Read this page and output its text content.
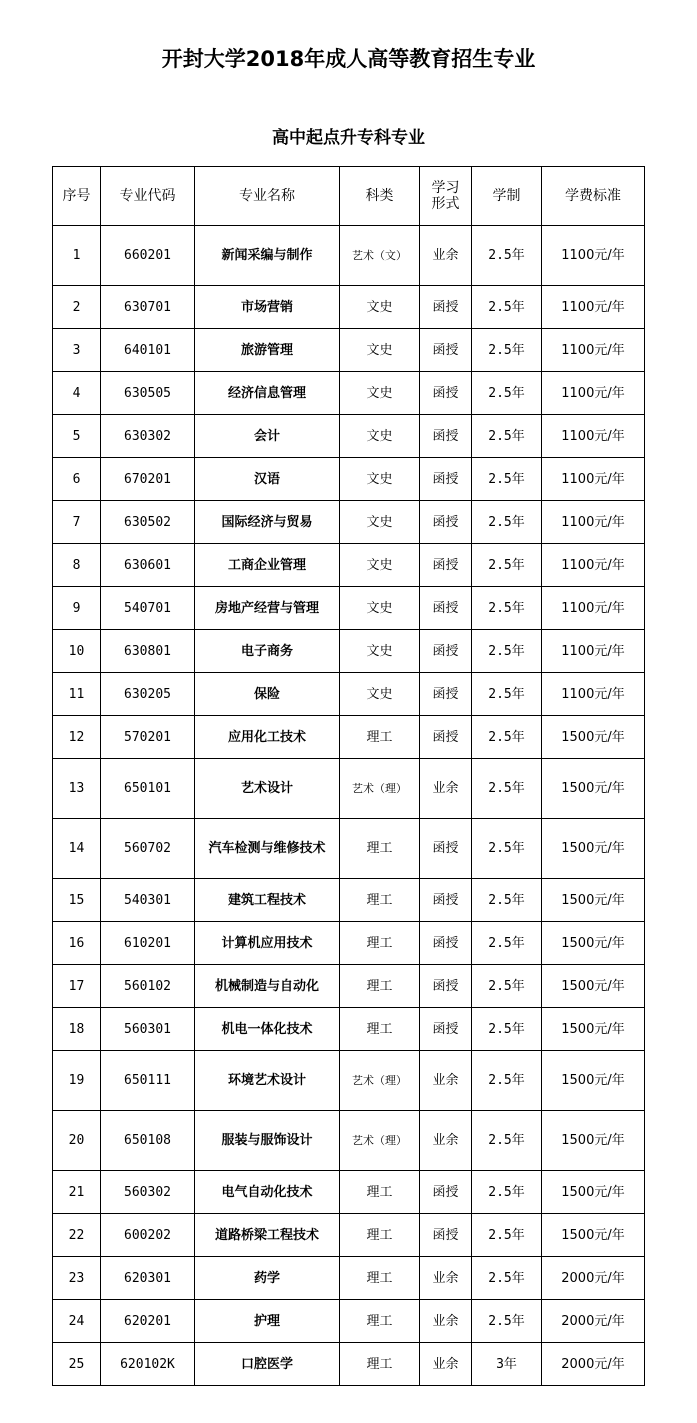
开封大学2018年成人高等教育招生专业
高中起点升专科专业
序号	专业代码	专业名称	科类	学习形式	学制	学费标准
1	660201	新闻采编与制作	艺术（文）	业余	2.5年	1100元/年
2	630701	市场营销	文史	函授	2.5年	1100元/年
3	640101	旅游管理	文史	函授	2.5年	1100元/年
4	630505	经济信息管理	文史	函授	2.5年	1100元/年
5	630302	会计	文史	函授	2.5年	1100元/年
6	670201	汉语	文史	函授	2.5年	1100元/年
7	630502	国际经济与贸易	文史	函授	2.5年	1100元/年
8	630601	工商企业管理	文史	函授	2.5年	1100元/年
9	540701	房地产经营与管理	文史	函授	2.5年	1100元/年
10	630801	电子商务	文史	函授	2.5年	1100元/年
11	630205	保险	文史	函授	2.5年	1100元/年
12	570201	应用化工技术	理工	函授	2.5年	1500元/年
13	650101	艺术设计	艺术（理）	业余	2.5年	1500元/年
14	560702	汽车检测与维修技术	理工	函授	2.5年	1500元/年
15	540301	建筑工程技术	理工	函授	2.5年	1500元/年
16	610201	计算机应用技术	理工	函授	2.5年	1500元/年
17	560102	机械制造与自动化	理工	函授	2.5年	1500元/年
18	560301	机电一体化技术	理工	函授	2.5年	1500元/年
19	650111	环境艺术设计	艺术（理）	业余	2.5年	1500元/年
20	650108	服装与服饰设计	艺术（理）	业余	2.5年	1500元/年
21	560302	电气自动化技术	理工	函授	2.5年	1500元/年
22	600202	道路桥梁工程技术	理工	函授	2.5年	1500元/年
23	620301	药学	理工	业余	2.5年	2000元/年
24	620201	护理	理工	业余	2.5年	2000元/年
25	620102K	口腔医学	理工	业余	3年	2000元/年
